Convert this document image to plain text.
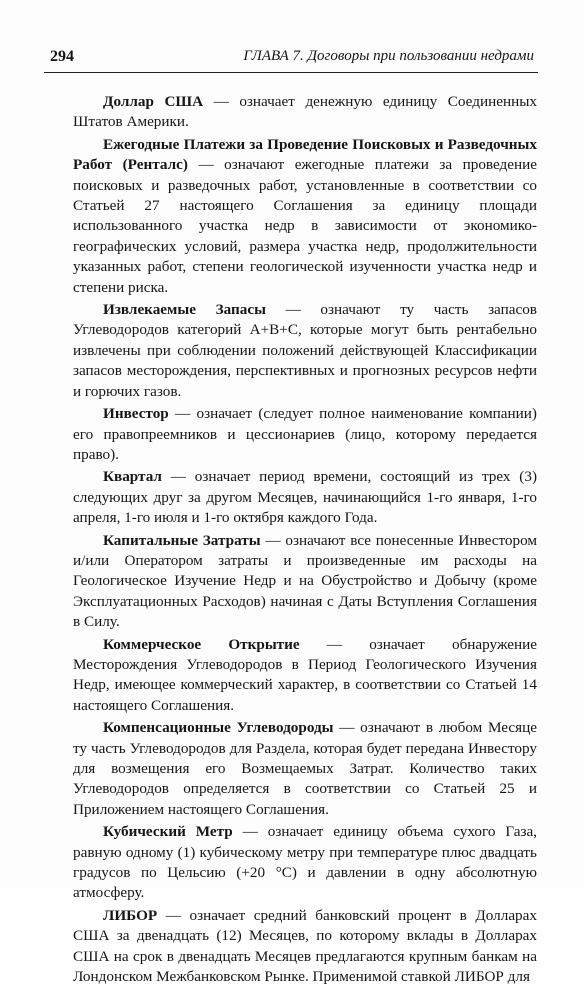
294	ГЛАВА 7. Договоры при пользовании недрами

Доллар США — означает денежную единицу Соединенных Штатов Америки.

Ежегодные Платежи за Проведение Поисковых и Разведочных Работ (Ренталс) — означают ежегодные платежи за проведение поисковых и разведочных работ, установленные в соответствии со Статьей 27 настоящего Соглашения за единицу площади использованного участка недр в зависимости от экономико-географических условий, размера участка недр, продолжительности указанных работ, степени геологической изученности участка недр и степени риска.

Извлекаемые Запасы — означают ту часть запасов Углеводородов категорий А+В+С, которые могут быть рентабельно извлечены при соблюдении положений действующей Классификации запасов месторождения, перспективных и прогнозных ресурсов нефти и горючих газов.

Инвестор — означает (следует полное наименование компании) его правопреемников и цессионариев (лицо, которому передается право).

Квартал — означает период времени, состоящий из трех (3) следующих друг за другом Месяцев, начинающийся 1-го января, 1-го апреля, 1-го июля и 1-го октября каждого Года.

Капитальные Затраты — означают все понесенные Инвестором и/или Оператором затраты и произведенные им расходы на Геологическое Изучение Недр и на Обустройство и Добычу (кроме Эксплуатационных Расходов) начиная с Даты Вступления Соглашения в Силу.

Коммерческое Открытие — означает обнаружение Месторождения Углеводородов в Период Геологического Изучения Недр, имеющее коммерческий характер, в соответствии со Статьей 14 настоящего Соглашения.

Компенсационные Углеводороды — означают в любом Месяце ту часть Углеводородов для Раздела, которая будет передана Инвестору для возмещения его Возмещаемых Затрат. Количество таких Углеводородов определяется в соответствии со Статьей 25 и Приложением настоящего Соглашения.

Кубический Метр — означает единицу объема сухого Газа, равную одному (1) кубическому метру при температуре плюс двадцать градусов по Цельсию (+20 °С) и давлении в одну абсолютную атмосферу.

ЛИБОР — означает средний банковский процент в Долларах США за двенадцать (12) Месяцев, по которому вклады в Долларах США на срок в двенадцать Месяцев предлагаются крупным банкам на Лондонском Межбанковском Рынке. Применимой ставкой ЛИБОР для
